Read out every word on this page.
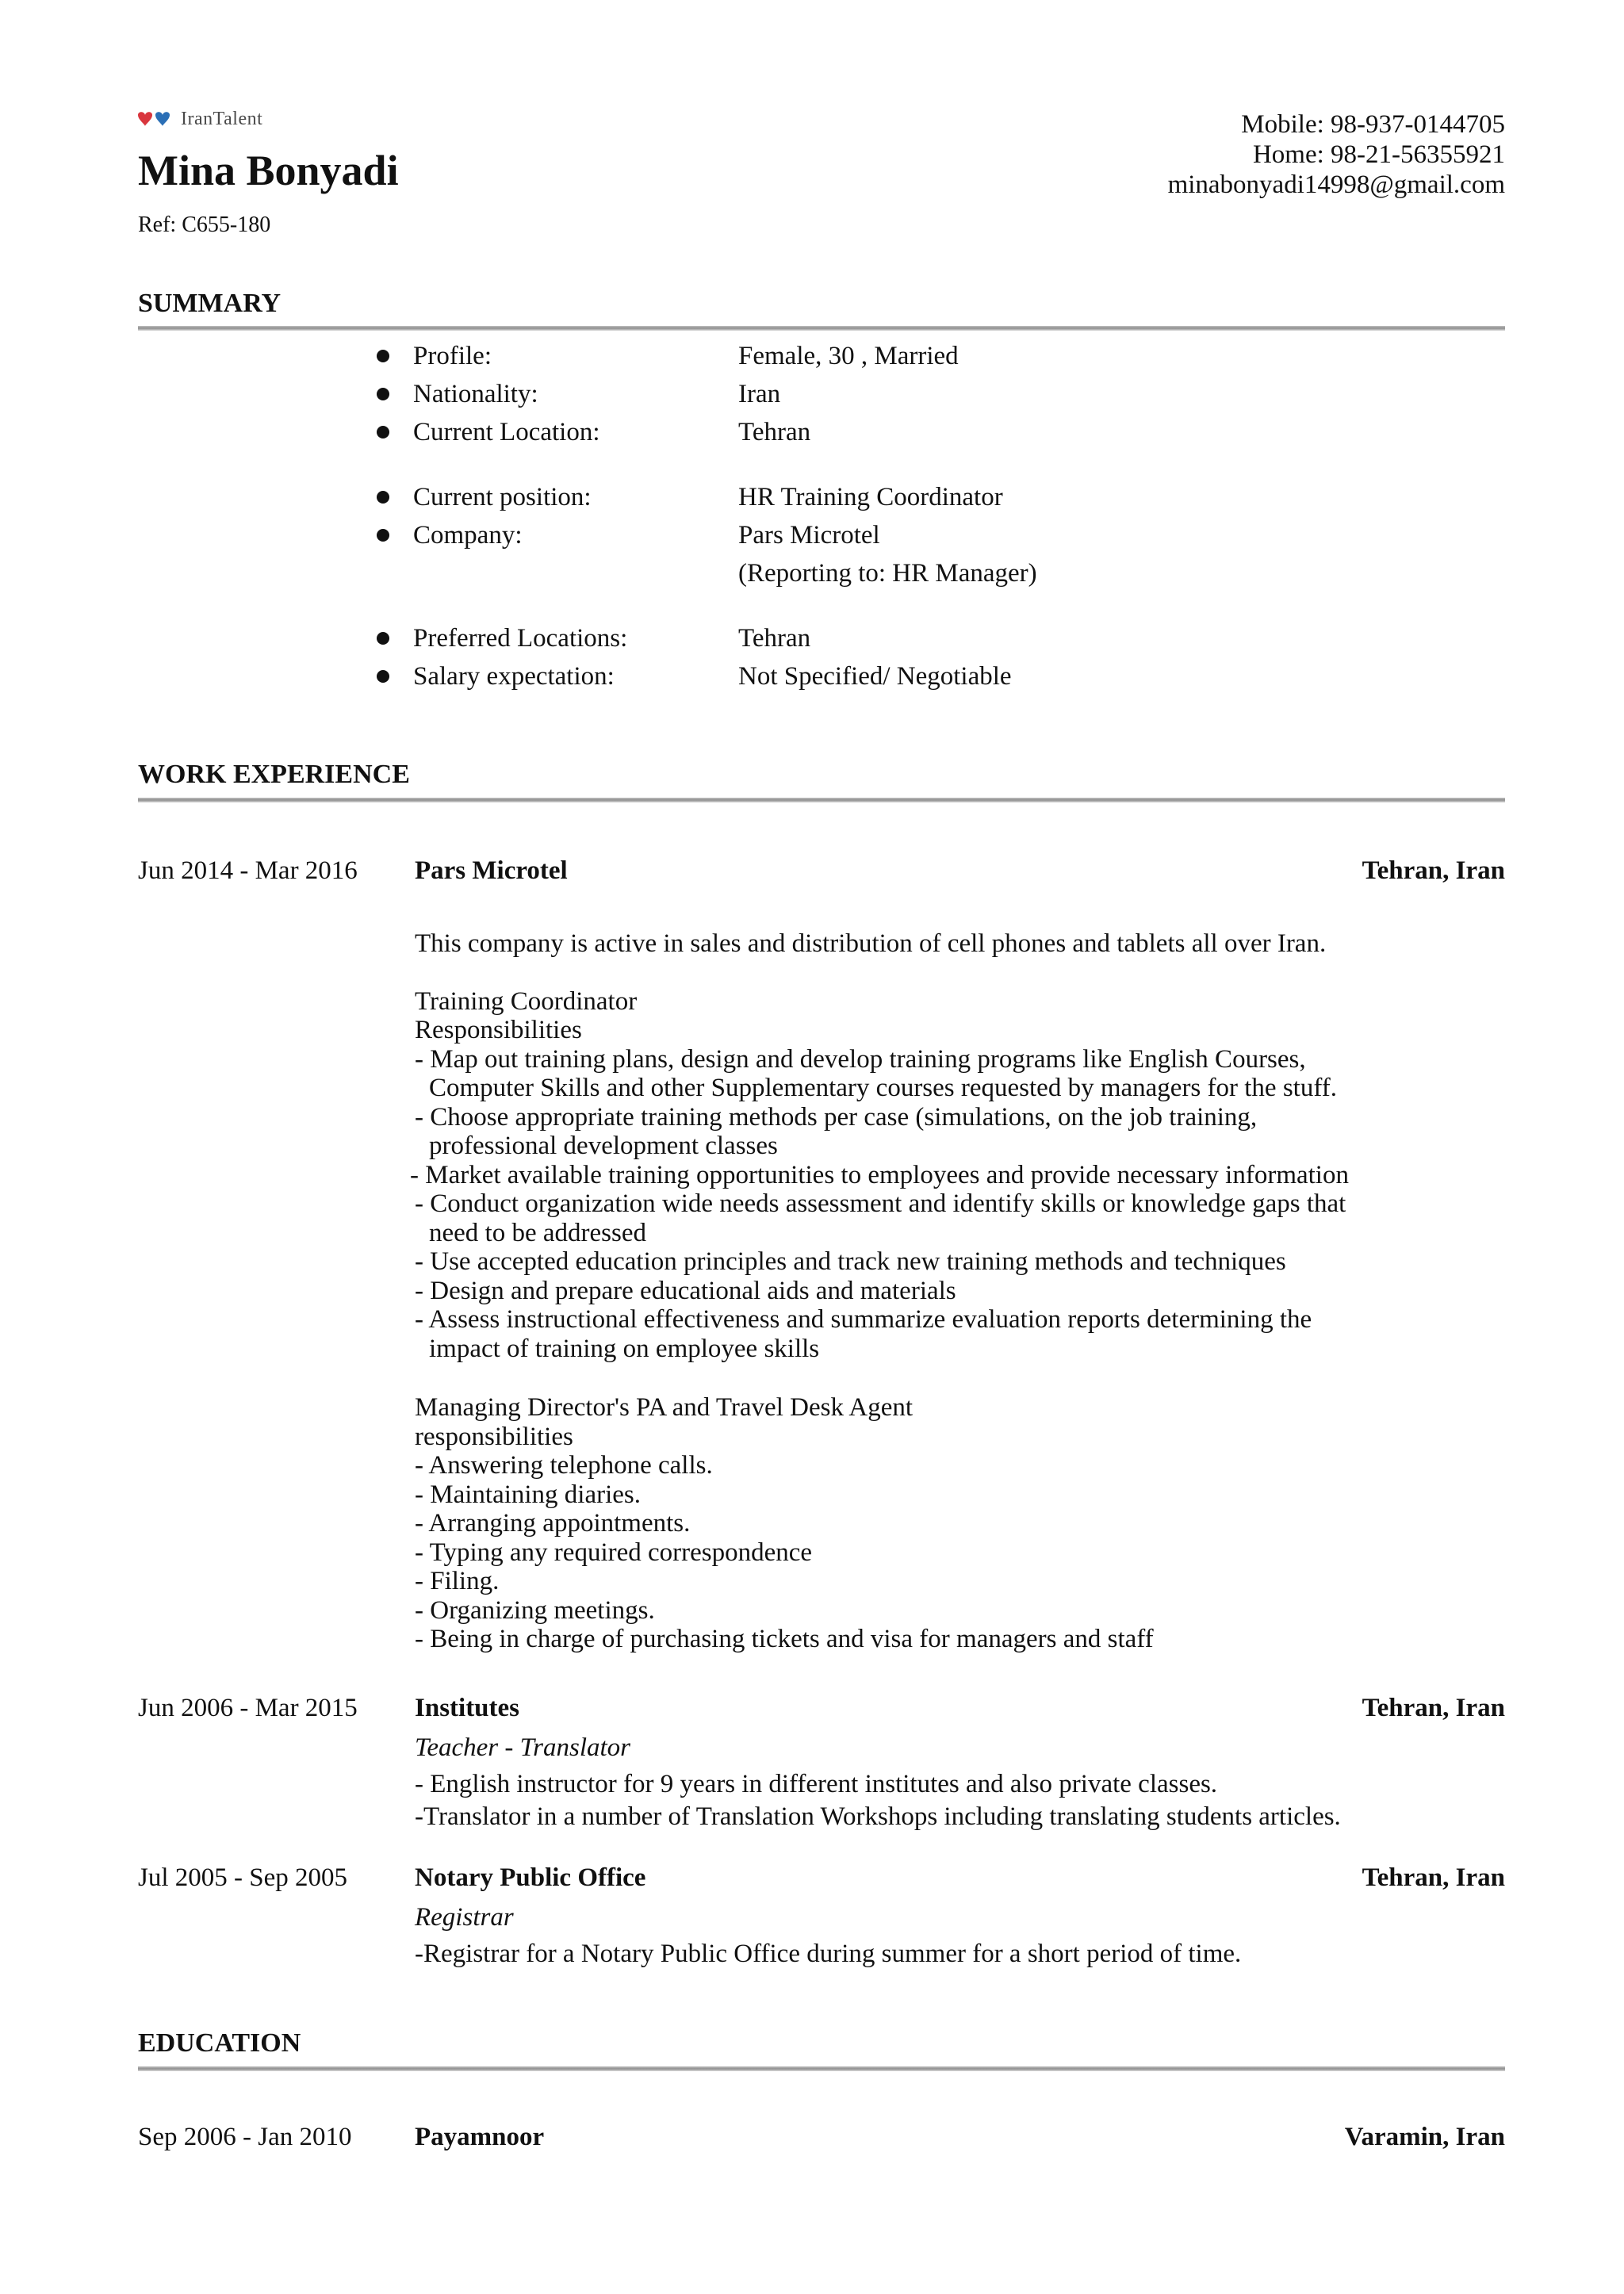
IranTalent
Mina Bonyadi
Ref: C655-180
Mobile: 98-937-0144705
Home: 98-21-56355921
minabonyadi14998@gmail.com
SUMMARY
Profile:	Female, 30 , Married
Nationality:	Iran
Current Location:	Tehran
Current position:	HR Training Coordinator
Company:	Pars Microtel
(Reporting to: HR Manager)
Preferred Locations:	Tehran
Salary expectation:	Not Specified/ Negotiable
WORK EXPERIENCE
Jun 2014 - Mar 2016 Pars Microtel	Tehran, Iran
This company is active in sales and distribution of cell phones and tablets all over Iran.
Training Coordinator
Responsibilities
- Map out training plans, design and develop training programs like English Courses,
Computer Skills and other Supplementary courses requested by managers for the stuff.
- Choose appropriate training methods per case (simulations, on the job training,
professional development classes
- Market available training opportunities to employees and provide necessary information
- Conduct organization wide needs assessment and identify skills or knowledge gaps that
need to be addressed
- Use accepted education principles and track new training methods and techniques
- Design and prepare educational aids and materials
- Assess instructional effectiveness and summarize evaluation reports determining the
impact of training on employee skills
Managing Director's PA and Travel Desk Agent
responsibilities
- Answering telephone calls.
- Maintaining diaries.
- Arranging appointments.
- Typing any required correspondence
- Filing.
- Organizing meetings.
- Being in charge of purchasing tickets and visa for managers and staff
Jun 2006 - Mar 2015 Institutes	Tehran, Iran
Teacher - Translator
- English instructor for 9 years in different institutes and also private classes.
-Translator in a number of Translation Workshops including translating students articles.
Jul 2005 - Sep 2005	Notary Public Office	Tehran, Iran
Registrar
-Registrar for a Notary Public Office during summer for a short period of time.
EDUCATION
Sep 2006 - Jan 2010 Payamnoor	Varamin, Iran
